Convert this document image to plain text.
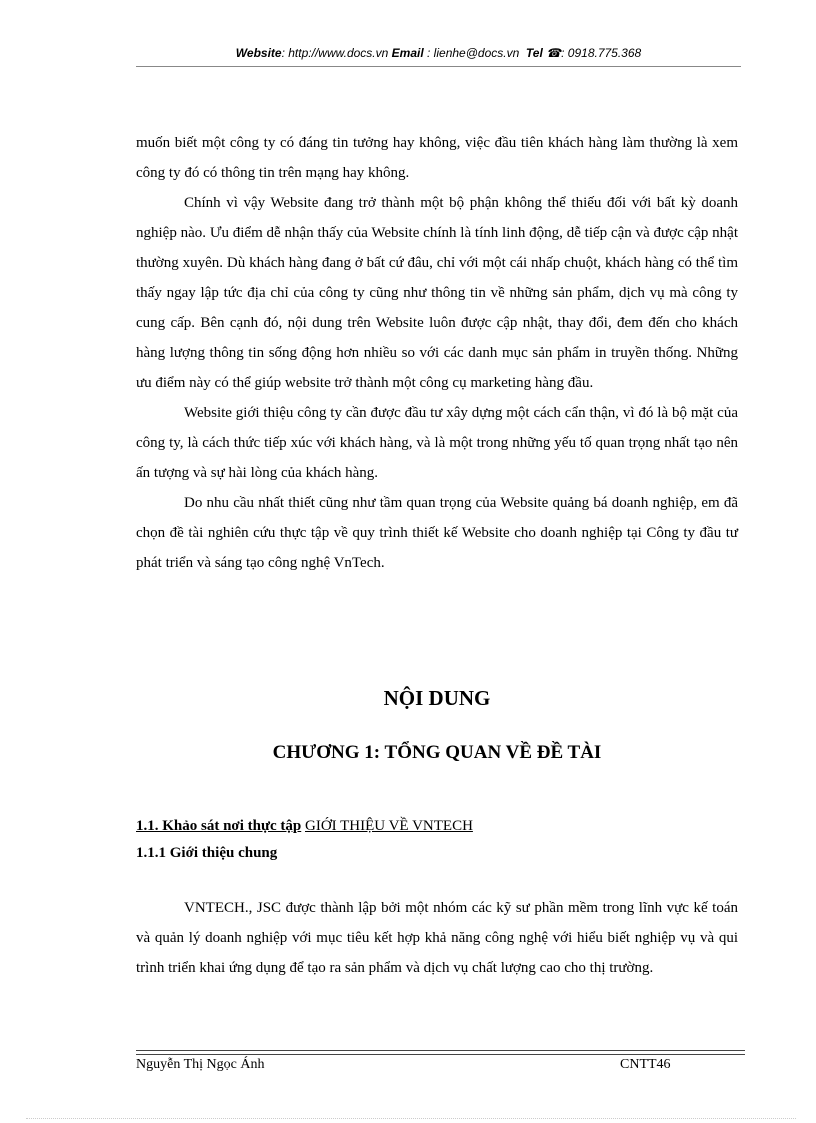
Website: http://www.docs.vn Email : lienhe@docs.vn Tel ☎: 0918.775.368

muốn biết một công ty có đáng tin tưởng hay không, việc đầu tiên khách hàng làm thường là xem công ty đó có thông tin trên mạng hay không.

Chính vì vậy Website đang trở thành một bộ phận không thể thiếu đối với bất kỳ doanh nghiệp nào. Ưu điểm dễ nhận thấy của Website chính là tính linh động, dễ tiếp cận và được cập nhật thường xuyên. Dù khách hàng đang ở bất cứ đâu, chỉ với một cái nhấp chuột, khách hàng có thể tìm thấy ngay lập tức địa chỉ của công ty cũng như thông tin về những sản phẩm, dịch vụ mà công ty cung cấp. Bên cạnh đó, nội dung trên Website luôn được cập nhật, thay đổi, đem đến cho khách hàng lượng thông tin sống động hơn nhiều so với các danh mục sản phẩm in truyền thống. Những ưu điểm này có thể giúp website trở thành một công cụ marketing hàng đầu.

Website giới thiệu công ty cần được đầu tư xây dựng một cách cẩn thận, vì đó là bộ mặt của công ty, là cách thức tiếp xúc với khách hàng, và là một trong những yếu tố quan trọng nhất tạo nên ấn tượng và sự hài lòng của khách hàng.

Do nhu cầu nhất thiết cũng như tầm quan trọng của Website quảng bá doanh nghiệp, em đã chọn đề tài nghiên cứu thực tập về quy trình thiết kế Website cho doanh nghiệp tại Công ty đầu tư phát triển và sáng tạo công nghệ VnTech.

NỘI DUNG
CHƯƠNG 1: TỔNG QUAN VỀ ĐỀ TÀI
1.1. Khảo sát nơi thực tập GIỚI THIỆU VỀ VNTECH
1.1.1 Giới thiệu chung

VNTECH., JSC được thành lập bởi một nhóm các kỹ sư phần mềm trong lĩnh vực kế toán và quản lý doanh nghiệp với mục tiêu kết hợp khả năng công nghệ với hiểu biết nghiệp vụ và qui trình triển khai ứng dụng để tạo ra sản phẩm và dịch vụ chất lượng cao cho thị trường.

Nguyễn Thị Ngọc Ánh	CNTT46
